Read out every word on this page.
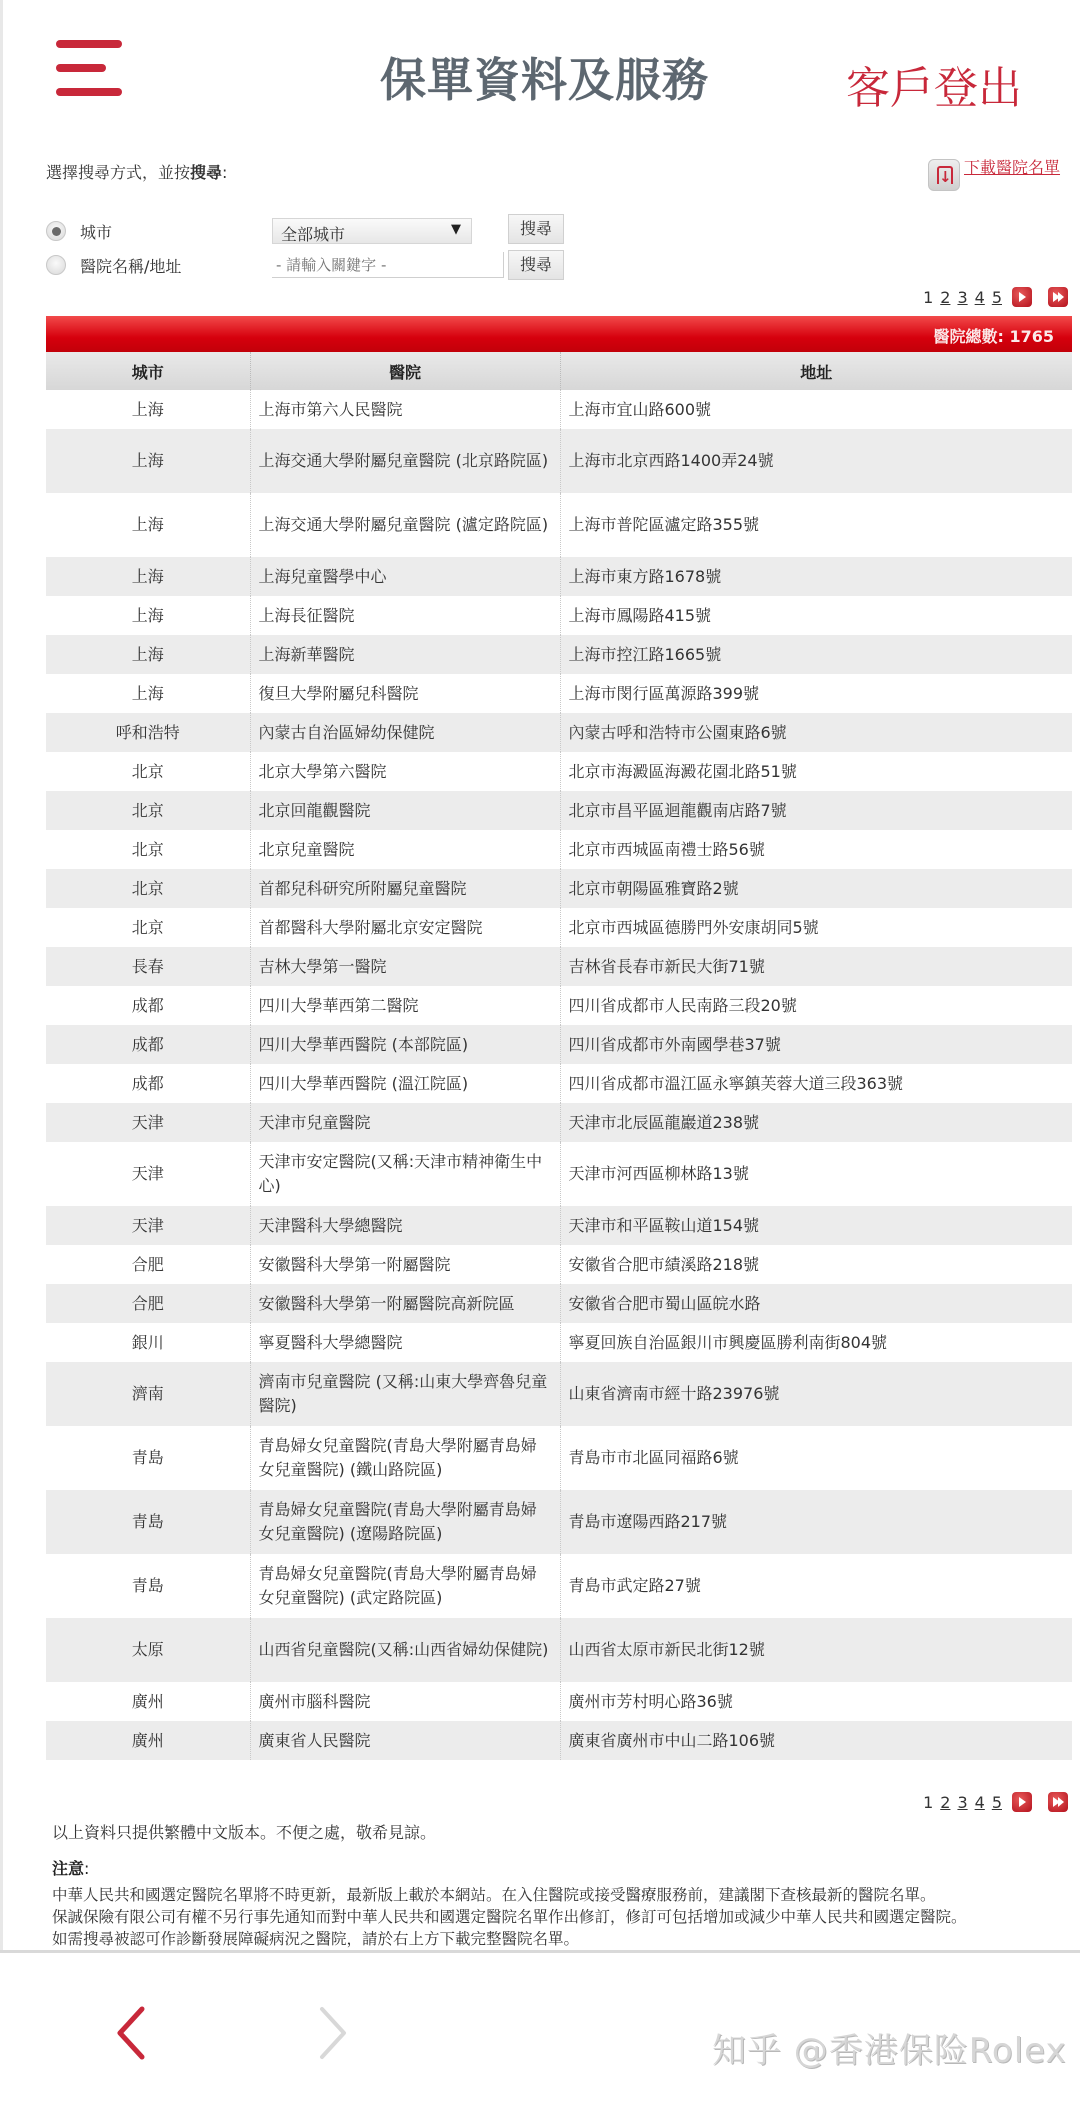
保單資料及服務	客戶登出
選擇搜尋方式，並按搜尋: ↓	下載醫院名單
城市	全部城市	▼	搜尋
醫院名稱/地址
- 請輸入關鍵字 -	搜尋
1 2 3 4 5
醫院總數: 1765
城市	醫院	地址
上海	上海市第六人民醫院	上海市宜山路600號
上海	上海交通大學附屬兒童醫院 (北京路院區)	上海市北京西路1400弄24號
上海	上海交通大學附屬兒童醫院 (瀘定路院區)	上海市普陀區瀘定路355號
上海	上海兒童醫學中心	上海市東方路1678號
上海	上海長征醫院	上海市鳳陽路415號
上海	上海新華醫院	上海市控江路1665號
上海	復旦大學附屬兒科醫院	上海市閔行區萬源路399號
呼和浩特	內蒙古自治區婦幼保健院	內蒙古呼和浩特市公園東路6號
北京	北京大學第六醫院	北京市海澱區海澱花園北路51號
北京	北京回龍觀醫院	北京市昌平區迴龍觀南店路7號
北京	北京兒童醫院	北京市西城區南禮士路56號
北京	首都兒科研究所附屬兒童醫院	北京市朝陽區雅寶路2號
北京	首都醫科大學附屬北京安定醫院	北京市西城區德勝門外安康胡同5號
長春	吉林大學第一醫院	吉林省長春市新民大街71號
成都	四川大學華西第二醫院	四川省成都市人民南路三段20號
成都	四川大學華西醫院 (本部院區)	四川省成都市外南國學巷37號
成都	四川大學華西醫院 (溫江院區)	四川省成都市溫江區永寧鎮芙蓉大道三段363號
天津	天津市兒童醫院	天津市北辰區龍巖道238號
天津	天津市安定醫院(又稱:天津市精神衛生中心)	天津市河西區柳林路13號
天津	天津醫科大學總醫院	天津市和平區鞍山道154號
合肥	安徽醫科大學第一附屬醫院	安徽省合肥市績溪路218號
合肥	安徽醫科大學第一附屬醫院高新院區	安徽省合肥市蜀山區皖水路
銀川	寧夏醫科大學總醫院	寧夏回族自治區銀川市興慶區勝利南街804號
濟南	濟南市兒童醫院 (又稱:山東大學齊魯兒童醫院)	山東省濟南市經十路23976號
青島	青島婦女兒童醫院(青島大學附屬青島婦女兒童醫院) (鐵山路院區)	青島市市北區同福路6號
青島	青島婦女兒童醫院(青島大學附屬青島婦女兒童醫院) (遼陽路院區)	青島市遼陽西路217號
青島	青島婦女兒童醫院(青島大學附屬青島婦女兒童醫院) (武定路院區)	青島市武定路27號
太原	山西省兒童醫院(又稱:山西省婦幼保健院)	山西省太原市新民北街12號
廣州	廣州市腦科醫院	廣州市芳村明心路36號
廣州	廣東省人民醫院	廣東省廣州市中山二路106號
1 2 3 4 5
以上資料只提供繁體中文版本。不便之處，敬希見諒。
注意:

中華人民共和國選定醫院名單將不時更新，最新版上載於本網站。在入住醫院或接受醫療服務前，建議閣下查核最新的醫院名單。

保誠保險有限公司有權不另行事先通知而對中華人民共和國選定醫院名單作出修訂，修訂可包括增加或減少中華人民共和國選定醫院。

如需搜尋被認可作診斷發展障礙病況之醫院，請於右上方下載完整醫院名單。

知乎 @香港保险Rolex
